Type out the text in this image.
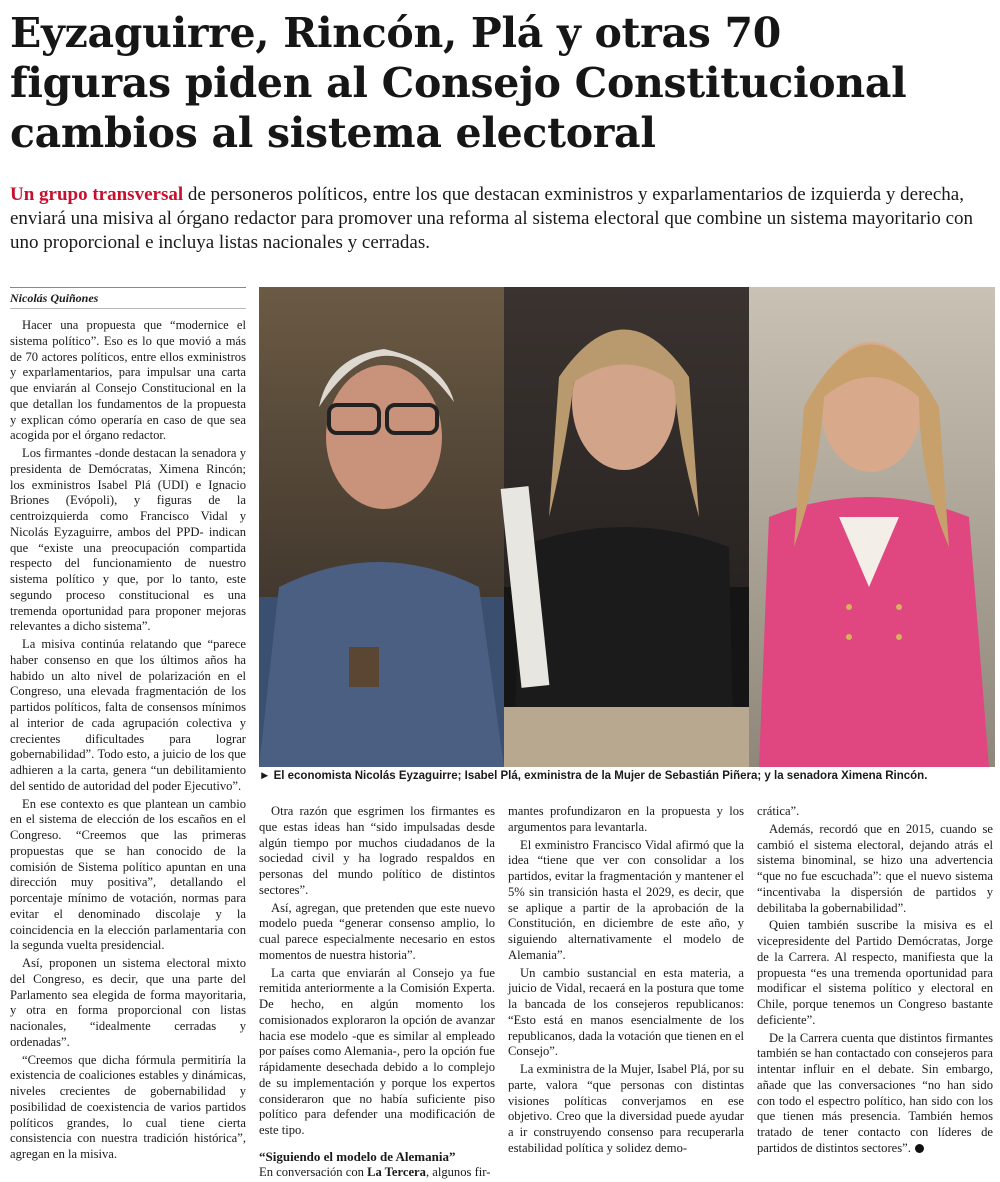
Eyzaguirre, Rincón, Plá y otras 70
figuras piden al Consejo Constitucional
cambios al sistema electoral
Un grupo transversal de personeros políticos, entre los que destacan exministros y exparlamentarios de izquierda y derecha, enviará una misiva al órgano redactor para promover una reforma al sistema electoral que combine un sistema mayoritario con uno proporcional e incluya listas nacionales y cerradas.
Nicolás Quiñones

Hacer una propuesta que “modernice el sistema político”. Eso es lo que movió a más de 70 actores políticos, entre ellos exministros y exparlamentarios, para impulsar una carta que enviarán al Consejo Constitucional en la que detallan los fundamentos de la propuesta y explican cómo operaría en caso de que sea acogida por el órgano redactor.

Los firmantes -donde destacan la senadora y presidenta de Demócratas, Ximena Rincón; los exministros Isabel Plá (UDI) e Ignacio Briones (Evópoli), y figuras de la centroizquierda como Francisco Vidal y Nicolás Eyzaguirre, ambos del PPD- indican que “existe una preocupación compartida respecto del funcionamiento de nuestro sistema político y que, por lo tanto, este segundo proceso constitucional es una tremenda oportunidad para proponer mejoras relevantes a dicho sistema”.

La misiva continúa relatando que “parece haber consenso en que los últimos años ha habido un alto nivel de polarización en el Congreso, una elevada fragmentación de los partidos políticos, falta de consensos mínimos al interior de cada agrupación colectiva y crecientes dificultades para lograr gobernabilidad”. Todo esto, a juicio de los que adhieren a la carta, genera “un debilitamiento del sentido de autoridad del poder Ejecutivo”.

En ese contexto es que plantean un cambio en el sistema de elección de los escaños en el Congreso. “Creemos que las primeras propuestas que se han conocido de la comisión de Sistema político apuntan en una dirección muy positiva”, detallando el porcentaje mínimo de votación, normas para evitar el denominado discolaje y la coincidencia en la elección parlamentaria con la segunda vuelta presidencial.

Así, proponen un sistema electoral mixto del Congreso, es decir, que una parte del Parlamento sea elegida de forma mayoritaria, y otra en forma proporcional con listas nacionales, “idealmente cerradas y ordenadas”.

“Creemos que dicha fórmula permitiría la existencia de coaliciones estables y dinámicas, niveles crecientes de gobernabilidad y posibilidad de coexistencia de varios partidos políticos grandes, lo cual tiene cierta consistencia con nuestra tradición histórica”, agregan en la misiva.

► El economista Nicolás Eyzaguirre; Isabel Plá, exministra de la Mujer de Sebastián Piñera; y la senadora Ximena Rincón.

Otra razón que esgrimen los firmantes es que estas ideas han “sido impulsadas desde algún tiempo por muchos ciudadanos de la sociedad civil y ha logrado respaldos en personas del mundo político de distintos sectores”.

Así, agregan, que pretenden que este nuevo modelo pueda “generar consenso amplio, lo cual parece especialmente necesario en estos momentos de nuestra historia”.

La carta que enviarán al Consejo ya fue remitida anteriormente a la Comisión Experta. De hecho, en algún momento los comisionados exploraron la opción de avanzar hacia ese modelo -que es similar al empleado por países como Alemania-, pero la opción fue rápidamente desechada debido a lo complejo de su implementación y porque los expertos consideraron que no había suficiente piso político para defender una modificación de este tipo.

“Siguiendo el modelo de Alemania”

En conversación con La Tercera, algunos fir-

mantes profundizaron en la propuesta y los argumentos para levantarla.

El exministro Francisco Vidal afirmó que la idea “tiene que ver con consolidar a los partidos, evitar la fragmentación y mantener el 5% sin transición hasta el 2029, es decir, que se aplique a partir de la aprobación de la Constitución, en diciembre de este año, y siguiendo alternativamente el modelo de Alemania”.

Un cambio sustancial en esta materia, a juicio de Vidal, recaerá en la postura que tome la bancada de los consejeros republicanos: “Esto está en manos esencialmente de los republicanos, dada la votación que tienen en el Consejo”.

La exministra de la Mujer, Isabel Plá, por su parte, valora “que personas con distintas visiones políticas converjamos en ese objetivo. Creo que la diversidad puede ayudar a ir construyendo consenso para recuperarla estabilidad política y solidez demo-

crática”.

Además, recordó que en 2015, cuando se cambió el sistema electoral, dejando atrás el sistema binominal, se hizo una advertencia “que no fue escuchada”: que el nuevo sistema “incentivaba la dispersión de partidos y debilitaba la gobernabilidad”.

Quien también suscribe la misiva es el vicepresidente del Partido Demócratas, Jorge de la Carrera. Al respecto, manifiesta que la propuesta “es una tremenda oportunidad para modificar el sistema político y electoral en Chile, porque tenemos un Congreso bastante deficiente”.

De la Carrera cuenta que distintos firmantes también se han contactado con consejeros para intentar influir en el debate. Sin embargo, añade que las conversaciones “no han sido con todo el espectro político, han sido con los que tienen más presencia. También hemos tratado de tener contacto con líderes de partidos de distintos sectores”.
